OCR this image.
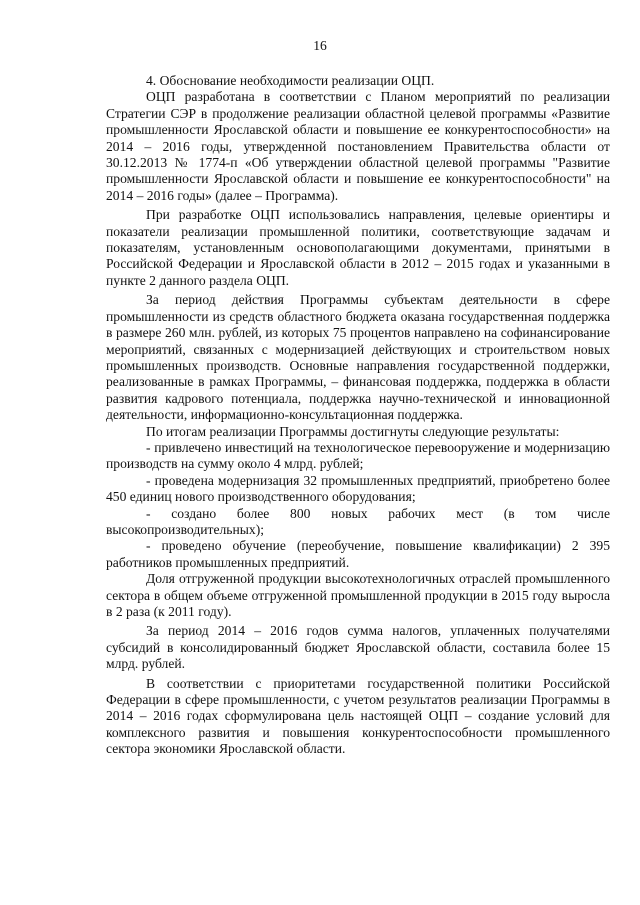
16

4. Обоснование необходимости реализации ОЦП.

ОЦП разработана в соответствии с Планом мероприятий по реализации Стратегии СЭР в продолжение реализации областной целевой программы «Развитие промышленности Ярославской области и повышение ее конкурентоспособности» на 2014 – 2016 годы, утвержденной постановлением Правительства области от 30.12.2013 № 1774-п «Об утверждении областной целевой программы "Развитие промышленности Ярославской области и повышение ее конкурентоспособности" на 2014 – 2016 годы» (далее – Программа).

При разработке ОЦП использовались направления, целевые ориентиры и показатели реализации промышленной политики, соответствующие задачам и показателям, установленным основополагающими документами, принятыми в Российской Федерации и Ярославской области в 2012 – 2015 годах и указанными в пункте 2 данного раздела ОЦП.

За период действия Программы субъектам деятельности в сфере промышленности из средств областного бюджета оказана государственная поддержка в размере 260 млн. рублей, из которых 75 процентов направлено на софинансирование мероприятий, связанных с модернизацией действующих и строительством новых промышленных производств. Основные направления государственной поддержки, реализованные в рамках Программы, – финансовая поддержка, поддержка в области развития кадрового потенциала, поддержка научно-технической и инновационной деятельности, информационно-консультационная поддержка.

По итогам реализации Программы достигнуты следующие результаты:

- привлечено инвестиций на технологическое перевооружение и модернизацию производств на сумму около 4 млрд. рублей;

- проведена модернизация 32 промышленных предприятий, приобретено более 450 единиц нового производственного оборудования;

- создано более 800 новых рабочих мест (в том числе высокопроизводительных);

- проведено обучение (переобучение, повышение квалификации) 2 395 работников промышленных предприятий.

Доля отгруженной продукции высокотехнологичных отраслей промышленного сектора в общем объеме отгруженной промышленной продукции в 2015 году выросла в 2 раза (к 2011 году).

За период 2014 – 2016 годов сумма налогов, уплаченных получателями субсидий в консолидированный бюджет Ярославской области, составила более 15 млрд. рублей.

В соответствии с приоритетами государственной политики Российской Федерации в сфере промышленности, с учетом результатов реализации Программы в 2014 – 2016 годах сформулирована цель настоящей ОЦП – создание условий для комплексного развития и повышения конкурентоспособности промышленного сектора экономики Ярославской области.
